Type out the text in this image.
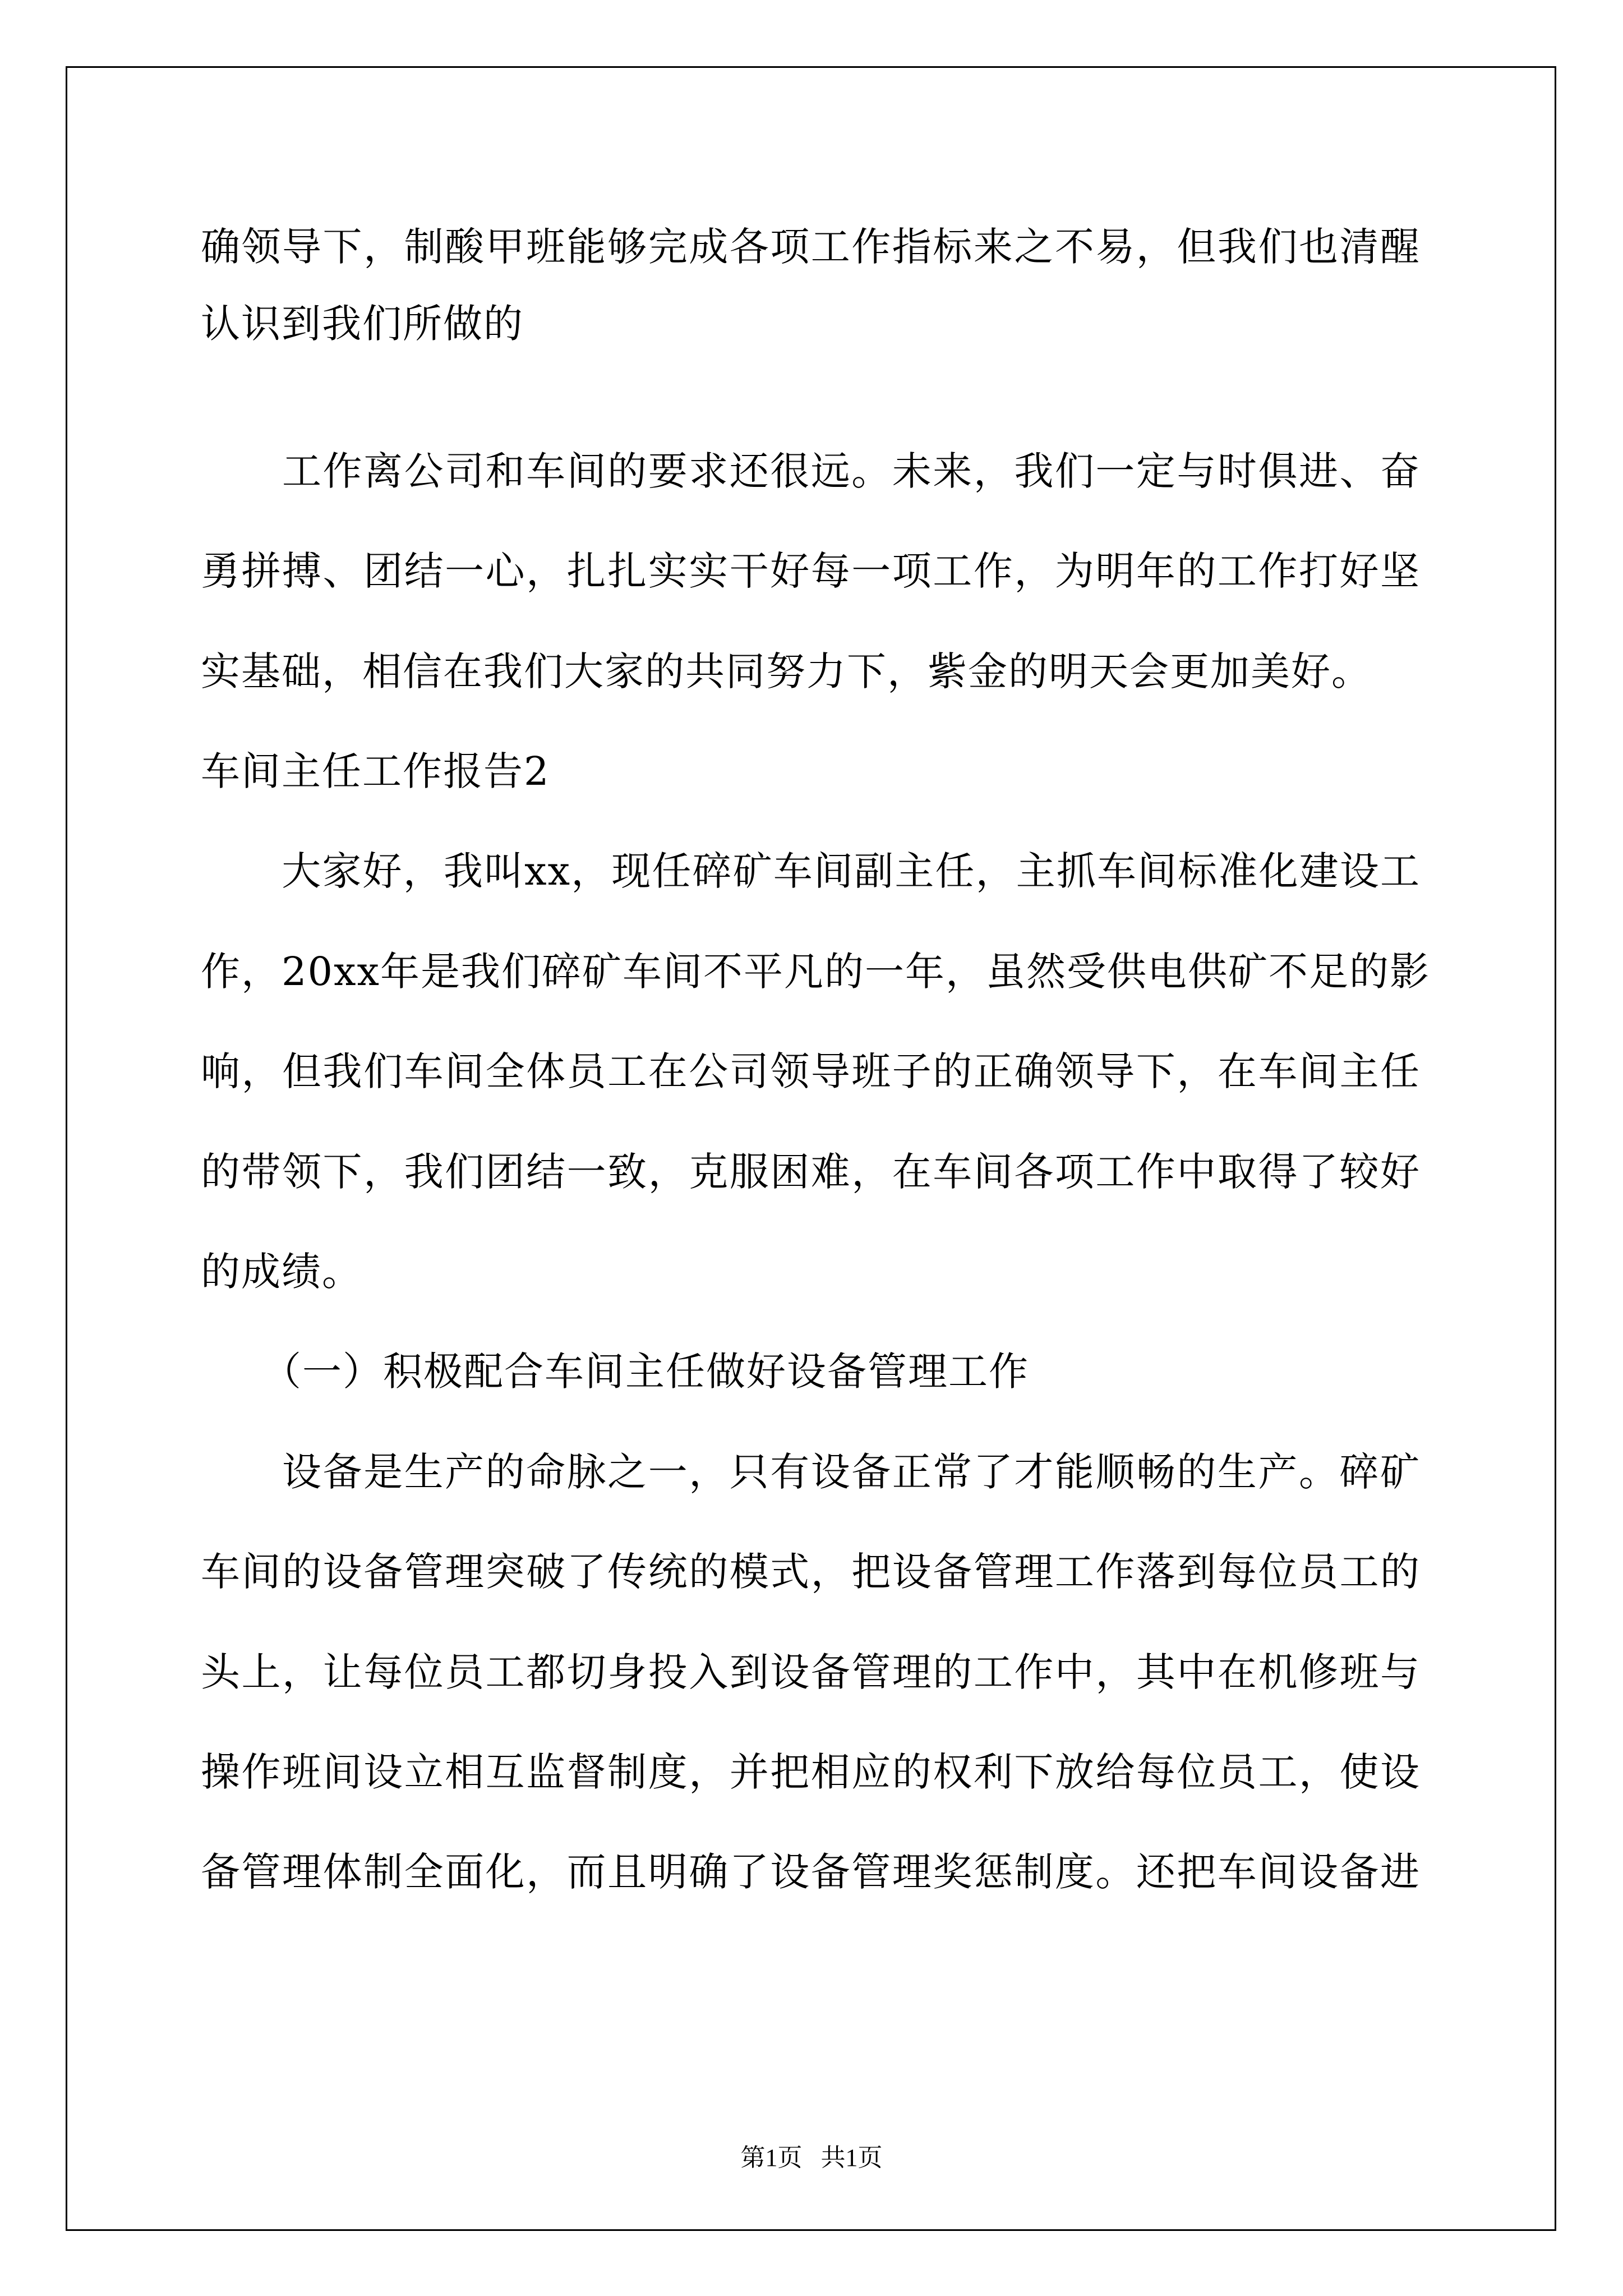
确领导下，制酸甲班能够完成各项工作指标来之不易，但我们也清醒
认识到我们所做的
　　工作离公司和车间的要求还很远。未来，我们一定与时俱进、奋
勇拼搏、团结一心，扎扎实实干好每一项工作，为明年的工作打好坚
实基础，相信在我们大家的共同努力下，紫金的明天会更加美好。
车间主任工作报告2
　　大家好，我叫xx，现任碎矿车间副主任，主抓车间标准化建设工
作，20xx年是我们碎矿车间不平凡的一年，虽然受供电供矿不足的影
响，但我们车间全体员工在公司领导班子的正确领导下，在车间主任
的带领下，我们团结一致，克服困难，在车间各项工作中取得了较好
的成绩。
　　（一）积极配合车间主任做好设备管理工作
　　设备是生产的命脉之一，只有设备正常了才能顺畅的生产。碎矿
车间的设备管理突破了传统的模式，把设备管理工作落到每位员工的
头上，让每位员工都切身投入到设备管理的工作中，其中在机修班与
操作班间设立相互监督制度，并把相应的权利下放给每位员工，使设
备管理体制全面化，而且明确了设备管理奖惩制度。还把车间设备进
第1页   共1页
